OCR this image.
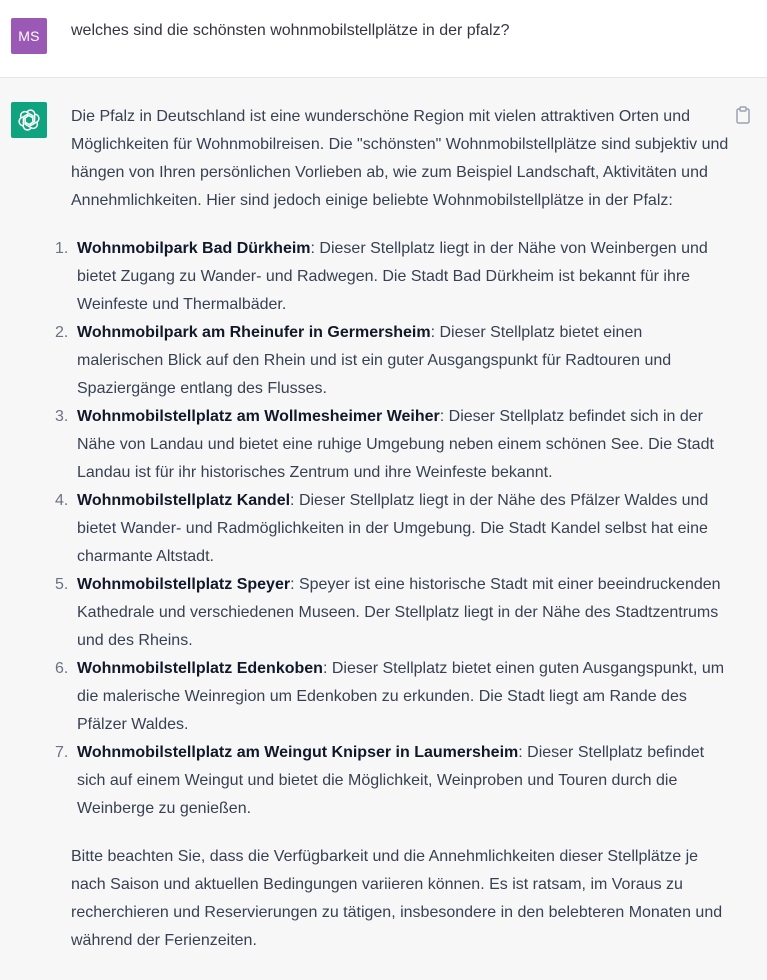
MS welches sind die schönsten wohnmobilstellplätze in der pfalz?

Die Pfalz in Deutschland ist eine wunderschöne Region mit vielen attraktiven Orten und Möglichkeiten für Wohnmobilreisen. Die "schönsten" Wohnmobilstellplätze sind subjektiv und hängen von Ihren persönlichen Vorlieben ab, wie zum Beispiel Landschaft, Aktivitäten und Annehmlichkeiten. Hier sind jedoch einige beliebte Wohnmobilstellplätze in der Pfalz:

1. Wohnmobilpark Bad Dürkheim: Dieser Stellplatz liegt in der Nähe von Weinbergen und bietet Zugang zu Wander- und Radwegen. Die Stadt Bad Dürkheim ist bekannt für ihre Weinfeste und Thermalbäder.
2. Wohnmobilpark am Rheinufer in Germersheim: Dieser Stellplatz bietet einen malerischen Blick auf den Rhein und ist ein guter Ausgangspunkt für Radtouren und Spaziergänge entlang des Flusses.
3. Wohnmobilstellplatz am Wollmesheimer Weiher: Dieser Stellplatz befindet sich in der Nähe von Landau und bietet eine ruhige Umgebung neben einem schönen See. Die Stadt Landau ist für ihr historisches Zentrum und ihre Weinfeste bekannt.
4. Wohnmobilstellplatz Kandel: Dieser Stellplatz liegt in der Nähe des Pfälzer Waldes und bietet Wander- und Radmöglichkeiten in der Umgebung. Die Stadt Kandel selbst hat eine charmante Altstadt.
5. Wohnmobilstellplatz Speyer: Speyer ist eine historische Stadt mit einer beeindruckenden Kathedrale und verschiedenen Museen. Der Stellplatz liegt in der Nähe des Stadtzentrums und des Rheins.
6. Wohnmobilstellplatz Edenkoben: Dieser Stellplatz bietet einen guten Ausgangspunkt, um die malerische Weinregion um Edenkoben zu erkunden. Die Stadt liegt am Rande des Pfälzer Waldes.
7. Wohnmobilstellplatz am Weingut Knipser in Laumersheim: Dieser Stellplatz befindet sich auf einem Weingut und bietet die Möglichkeit, Weinproben und Touren durch die Weinberge zu genießen.

Bitte beachten Sie, dass die Verfügbarkeit und die Annehmlichkeiten dieser Stellplätze je nach Saison und aktuellen Bedingungen variieren können. Es ist ratsam, im Voraus zu recherchieren und Reservierungen zu tätigen, insbesondere in den belebteren Monaten und während der Ferienzeiten.
